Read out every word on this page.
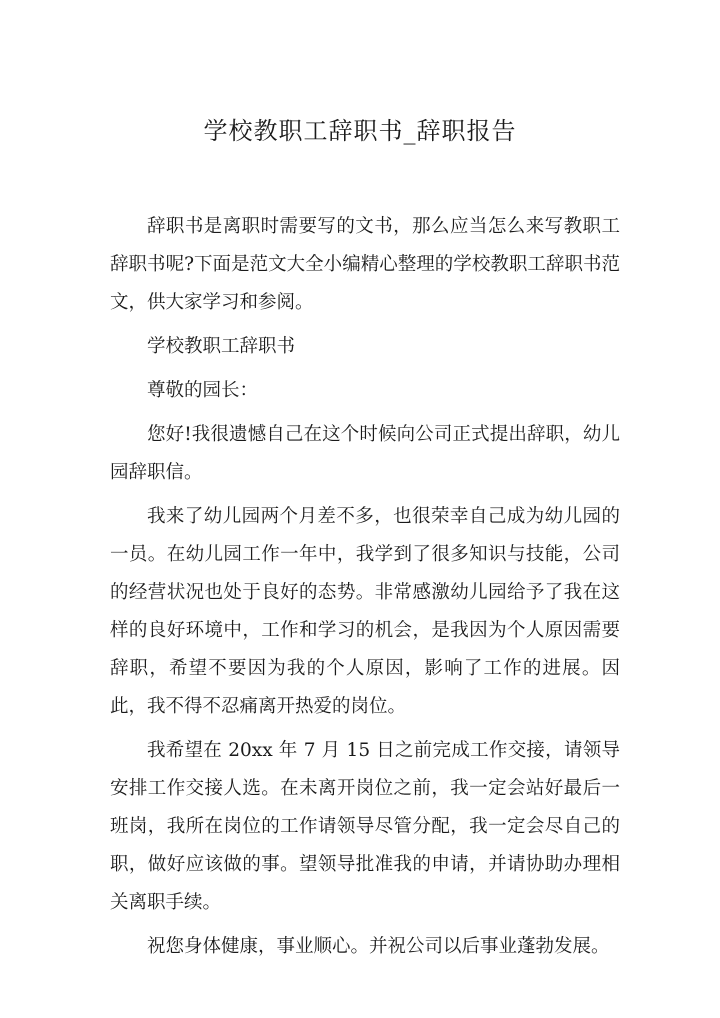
学校教职工辞职书_辞职报告

辞职书是离职时需要写的文书，那么应当怎么来写教职工辞职书呢?下面是范文大全小编精心整理的学校教职工辞职书范文，供大家学习和参阅。

学校教职工辞职书

尊敬的园长：

您好!我很遗憾自己在这个时候向公司正式提出辞职，幼儿园辞职信。

我来了幼儿园两个月差不多，也很荣幸自己成为幼儿园的一员。在幼儿园工作一年中，我学到了很多知识与技能，公司的经营状况也处于良好的态势。非常感激幼儿园给予了我在这样的良好环境中，工作和学习的机会，是我因为个人原因需要辞职，希望不要因为我的个人原因，影响了工作的进展。因此，我不得不忍痛离开热爱的岗位。

我希望在 20xx 年 7 月 15 日之前完成工作交接，请领导安排工作交接人选。在未离开岗位之前，我一定会站好最后一班岗，我所在岗位的工作请领导尽管分配，我一定会尽自己的职，做好应该做的事。望领导批准我的申请，并请协助办理相关离职手续。

祝您身体健康，事业顺心。并祝公司以后事业蓬勃发展。
